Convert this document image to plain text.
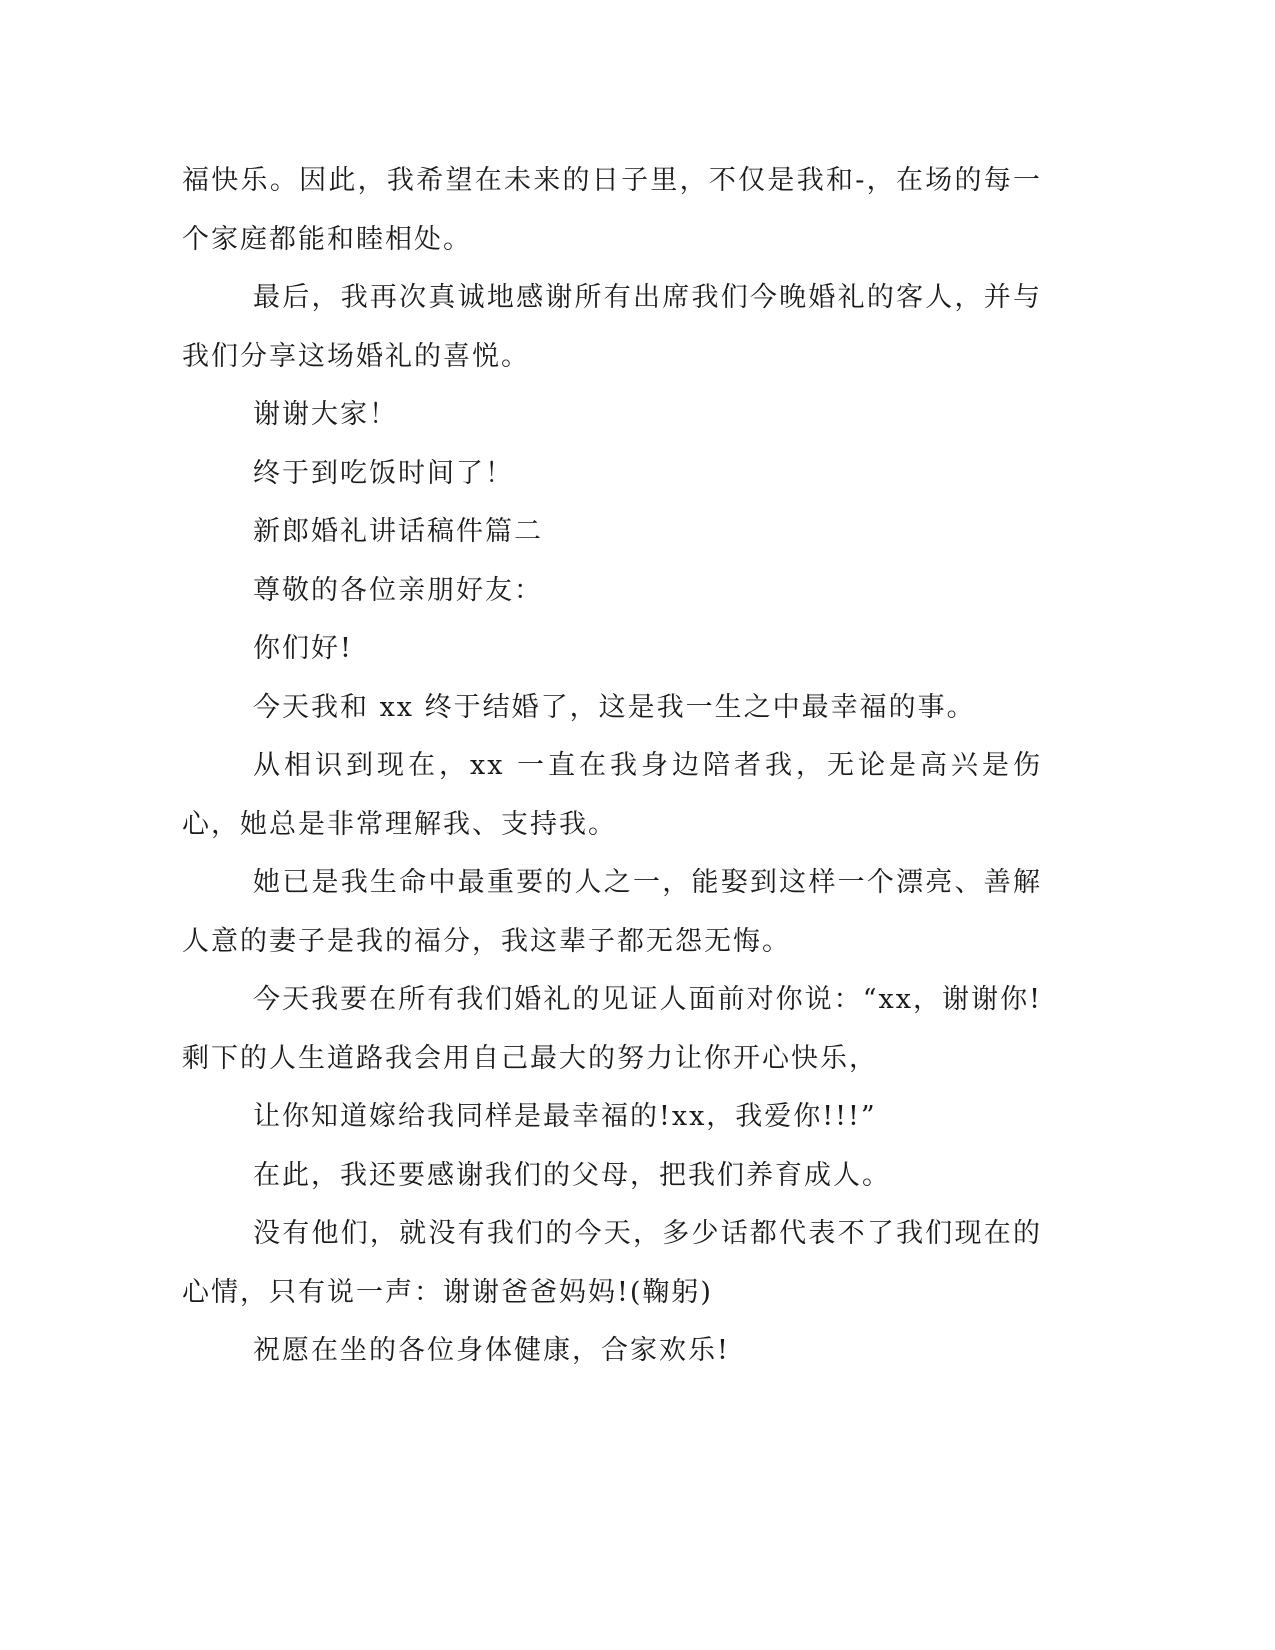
福快乐。因此，我希望在未来的日子里，不仅是我和-，在场的每一个家庭都能和睦相处。

最后，我再次真诚地感谢所有出席我们今晚婚礼的客人，并与我们分享这场婚礼的喜悦。

谢谢大家！

终于到吃饭时间了！

新郎婚礼讲话稿件篇二

尊敬的各位亲朋好友：

你们好!

今天我和 xx 终于结婚了，这是我一生之中最幸福的事。

从相识到现在，xx 一直在我身边陪者我，无论是高兴是伤心，她总是非常理解我、支持我。

她已是我生命中最重要的人之一，能娶到这样一个漂亮、善解人意的妻子是我的福分，我这辈子都无怨无悔。

今天我要在所有我们婚礼的见证人面前对你说：“xx，谢谢你!剩下的人生道路我会用自己最大的努力让你开心快乐，

让你知道嫁给我同样是最幸福的!xx，我爱你!!!”

在此，我还要感谢我们的父母，把我们养育成人。

没有他们，就没有我们的今天，多少话都代表不了我们现在的心情，只有说一声：谢谢爸爸妈妈!(鞠躬)

祝愿在坐的各位身体健康，合家欢乐!
